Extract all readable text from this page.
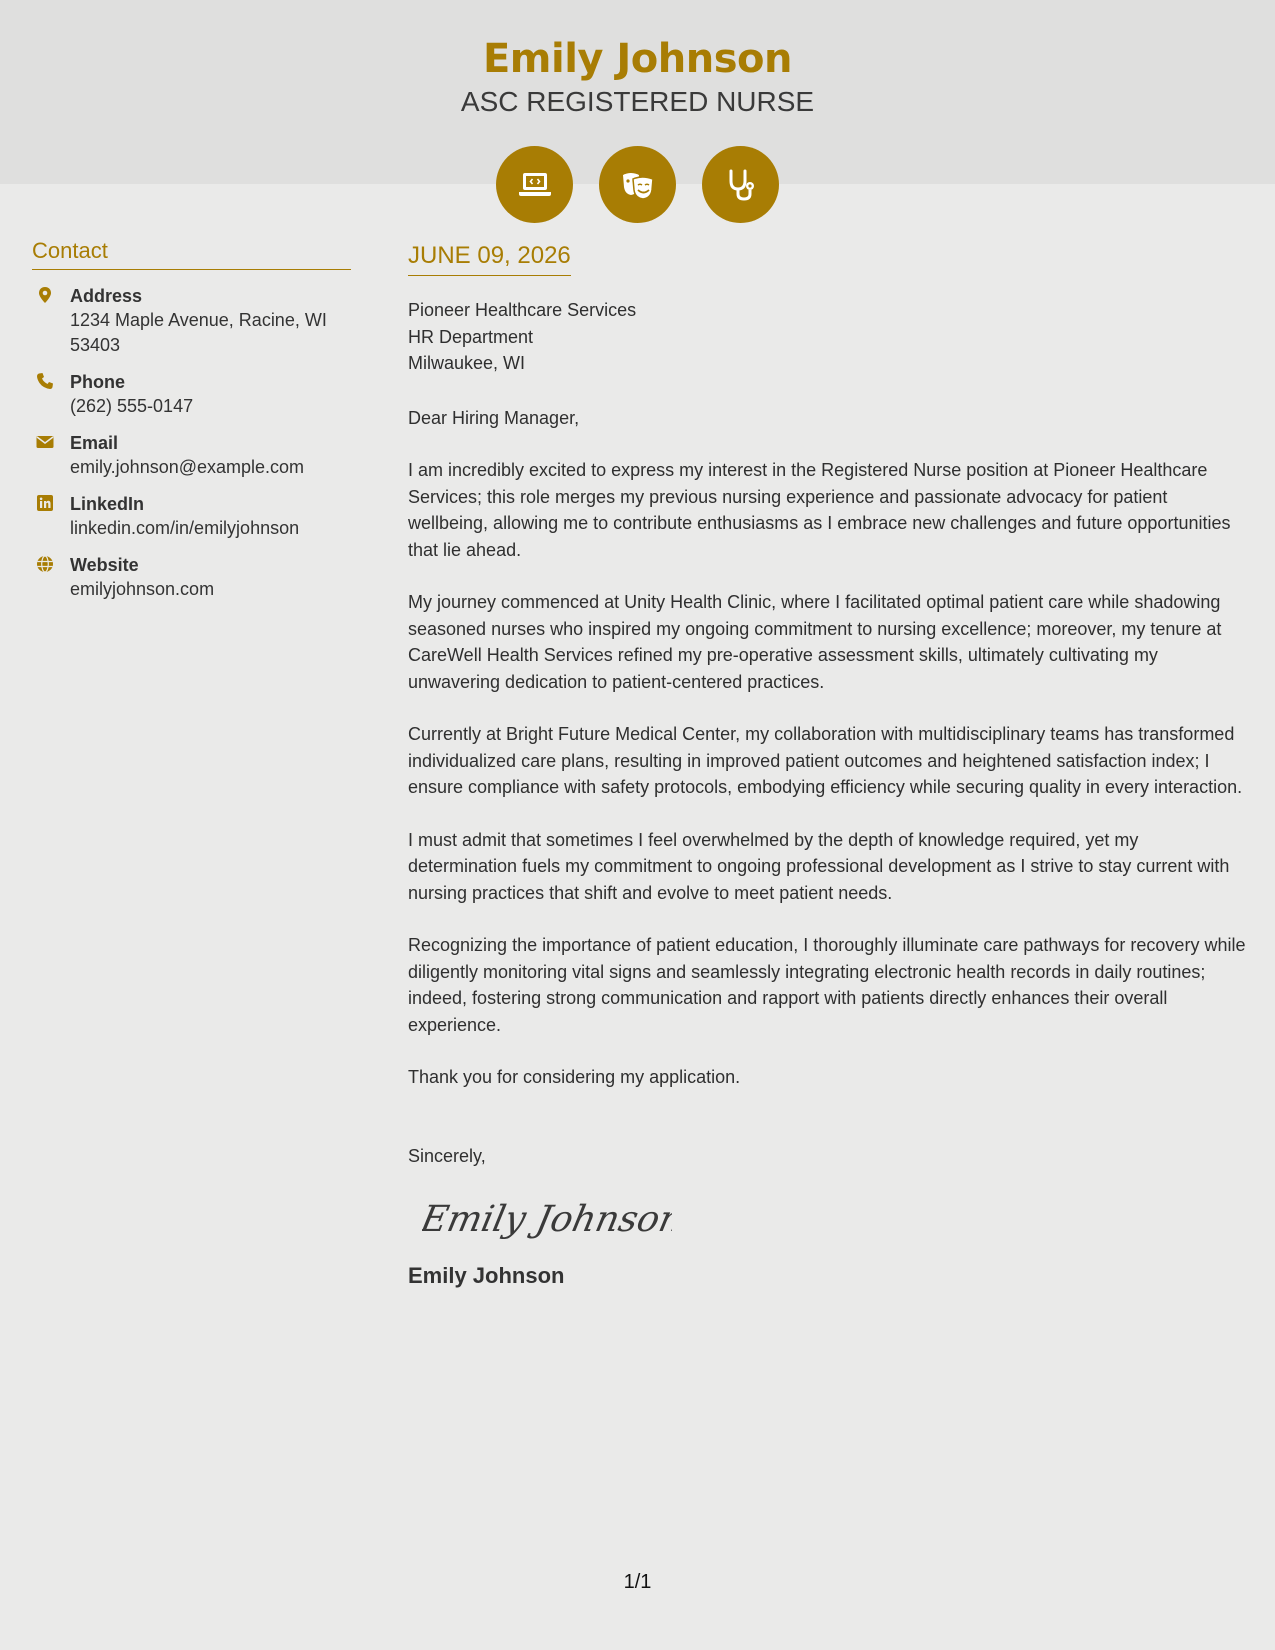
Emily Johnson
ASC REGISTERED NURSE
Contact
Address
1234 Maple Avenue, Racine, WI
53403
Phone
(262) 555-0147
Email
emily.johnson@example.com
LinkedIn
linkedin.com/in/emilyjohnson
Website
emilyjohnson.com
JUNE 09, 2026
Pioneer Healthcare Services
HR Department
Milwaukee, WI
Dear Hiring Manager,
I am incredibly excited to express my interest in the Registered Nurse position at Pioneer Healthcare Services; this role merges my previous nursing experience and passionate advocacy for patient wellbeing, allowing me to contribute enthusiasms as I embrace new challenges and future opportunities that lie ahead.
My journey commenced at Unity Health Clinic, where I facilitated optimal patient care while shadowing seasoned nurses who inspired my ongoing commitment to nursing excellence; moreover, my tenure at CareWell Health Services refined my pre-operative assessment skills, ultimately cultivating my unwavering dedication to patient-centered practices.
Currently at Bright Future Medical Center, my collaboration with multidisciplinary teams has transformed individualized care plans, resulting in improved patient outcomes and heightened satisfaction index; I ensure compliance with safety protocols, embodying efficiency while securing quality in every interaction.
I must admit that sometimes I feel overwhelmed by the depth of knowledge required, yet my determination fuels my commitment to ongoing professional development as I strive to stay current with nursing practices that shift and evolve to meet patient needs.
Recognizing the importance of patient education, I thoroughly illuminate care pathways for recovery while diligently monitoring vital signs and seamlessly integrating electronic health records in daily routines; indeed, fostering strong communication and rapport with patients directly enhances their overall experience.
Thank you for considering my application.
Sincerely,
Emily Johnson
Emily Johnson
1/1
